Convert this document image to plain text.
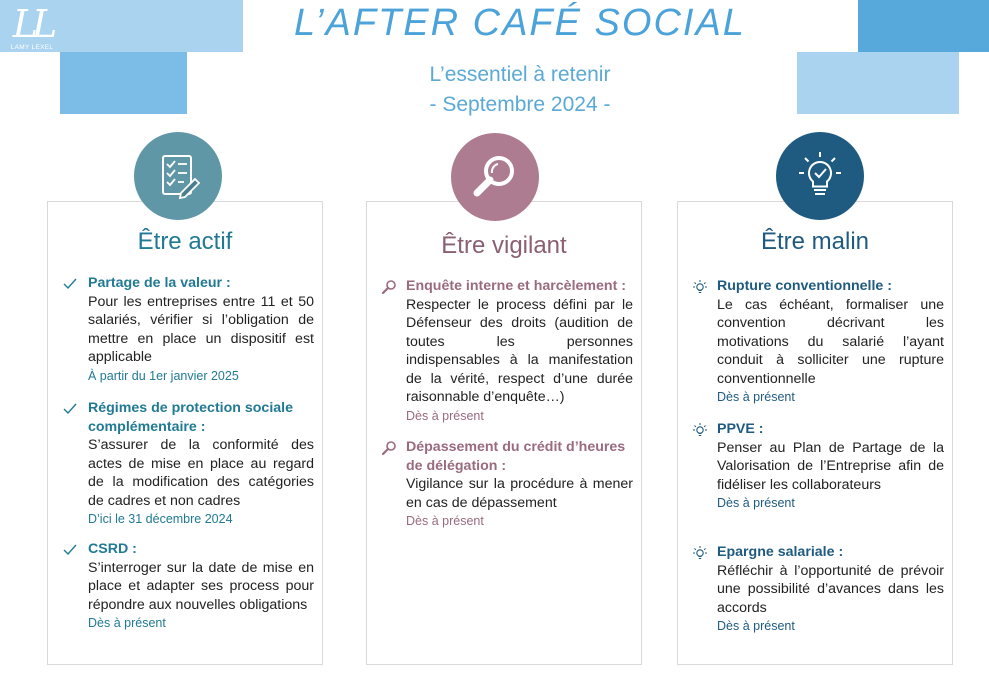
LL
LAMY LEXEL
avocats associés
L’AFTER CAFÉ SOCIAL
L’essentiel à retenir
- Septembre 2024 -
Être actif
Partage de la valeur :
Pour les entreprises entre 11 et 50 salariés, vérifier si l’obligation de mettre en place un dispositif est applicable
À partir du 1er janvier 2025
Régimes de protection sociale complémentaire :
S’assurer de la conformité des actes de mise en place au regard de la modification des catégories de cadres et non cadres
D’ici le 31 décembre 2024
CSRD :
S’interroger sur la date de mise en place et adapter ses process pour répondre aux nouvelles obligations
Dès à présent
Être vigilant
Enquête interne et harcèlement :
Respecter le process défini par le Défenseur des droits (audition de toutes les personnes indispensables à la manifestation de la vérité, respect d’une durée raisonnable d’enquête…)
Dès à présent
Dépassement du crédit d’heures de délégation :
Vigilance sur la procédure à mener en cas de dépassement
Dès à présent
Être malin
Rupture conventionnelle :
Le cas échéant, formaliser une convention décrivant les motivations du salarié l’ayant conduit à solliciter une rupture conventionnelle
Dès à présent
PPVE :
Penser au Plan de Partage de la Valorisation de l’Entreprise afin de fidéliser les collaborateurs
Dès à présent
Epargne salariale :
Réfléchir à l’opportunité de prévoir une possibilité d’avances dans les accords
Dès à présent
